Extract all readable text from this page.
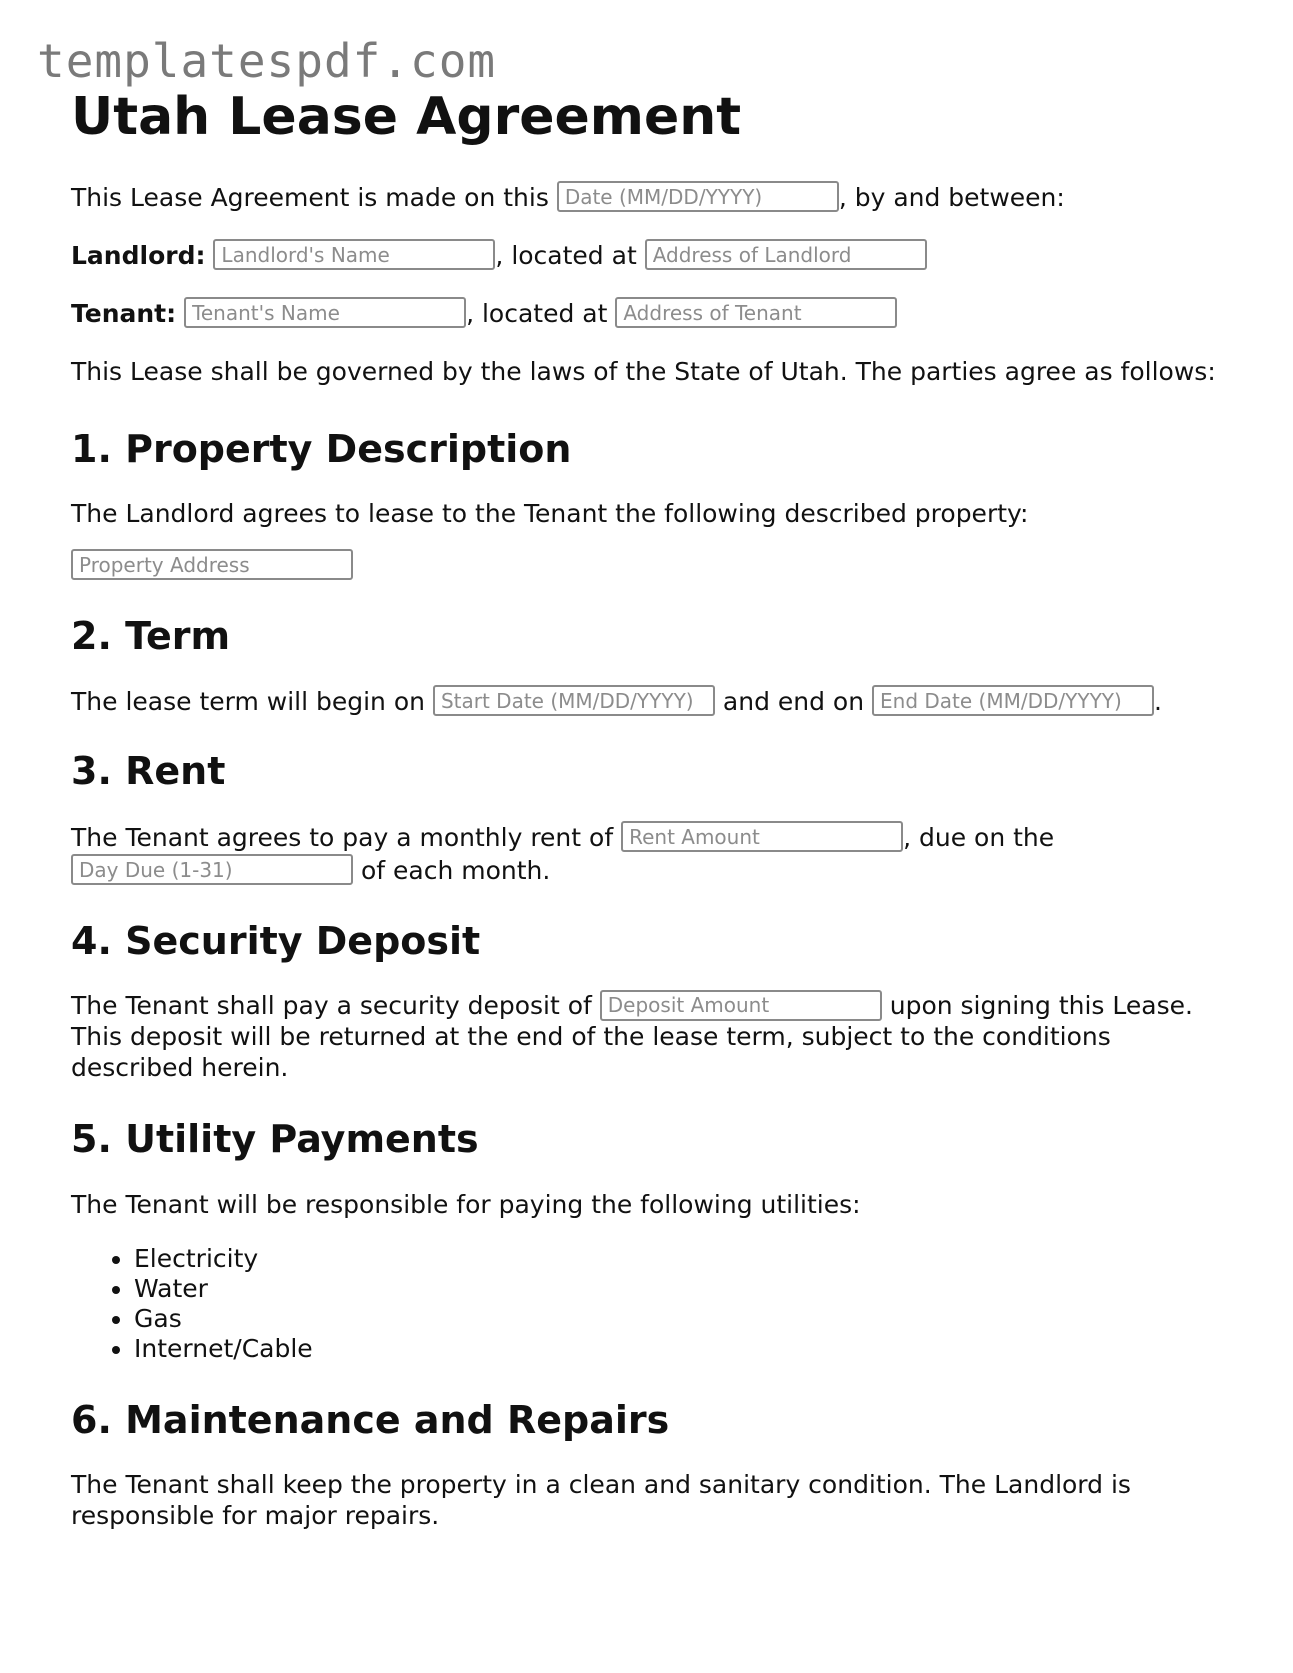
templatespdf.com
Utah Lease Agreement

This Lease Agreement is made on this Date (MM/DD/YYYY)	, by and between:

Landlord: Landlord's Name	, located at Address of Landlord

Tenant: Tenant's Name	, located at Address of Tenant

This Lease shall be governed by the laws of the State of Utah. The parties agree as follows:

1. Property Description

The Landlord agrees to lease to the Tenant the following described property:

Property Address
2. Term

The lease term will begin on Start Date (MM/DD/YYYY)	and end on End Date (MM/DD/YYYY)	.

3. Rent

The Tenant agrees to pay a monthly rent of Rent Amount	, due on the Day Due (1-31) of each month.

4. Security Deposit

The Tenant shall pay a security deposit of Deposit Amount	upon signing this Lease. This deposit will be returned at the end of the lease term, subject to the conditions described herein.

5. Utility Payments

The Tenant will be responsible for paying the following utilities:

• Electricity
• Water
• Gas
• Internet/Cable
6. Maintenance and Repairs

The Tenant shall keep the property in a clean and sanitary condition. The Landlord is responsible for major repairs.
